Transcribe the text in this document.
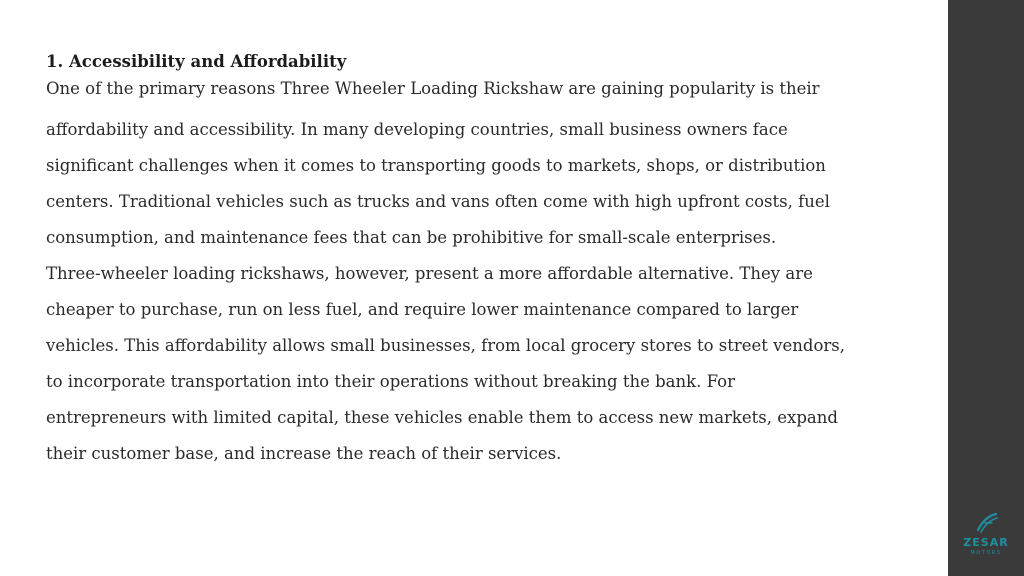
1. Accessibility and Affordability
One of the primary reasons Three Wheeler Loading Rickshaw are gaining popularity is their
affordability and accessibility. In many developing countries, small business owners face
significant challenges when it comes to transporting goods to markets, shops, or distribution
centers. Traditional vehicles such as trucks and vans often come with high upfront costs, fuel
consumption, and maintenance fees that can be prohibitive for small-scale enterprises.
Three-wheeler loading rickshaws, however, present a more affordable alternative. They are
cheaper to purchase, run on less fuel, and require lower maintenance compared to larger
vehicles. This affordability allows small businesses, from local grocery stores to street vendors,
to incorporate transportation into their operations without breaking the bank. For
entrepreneurs with limited capital, these vehicles enable them to access new markets, expand
their customer base, and increase the reach of their services.
ZESAR
MOTORS
